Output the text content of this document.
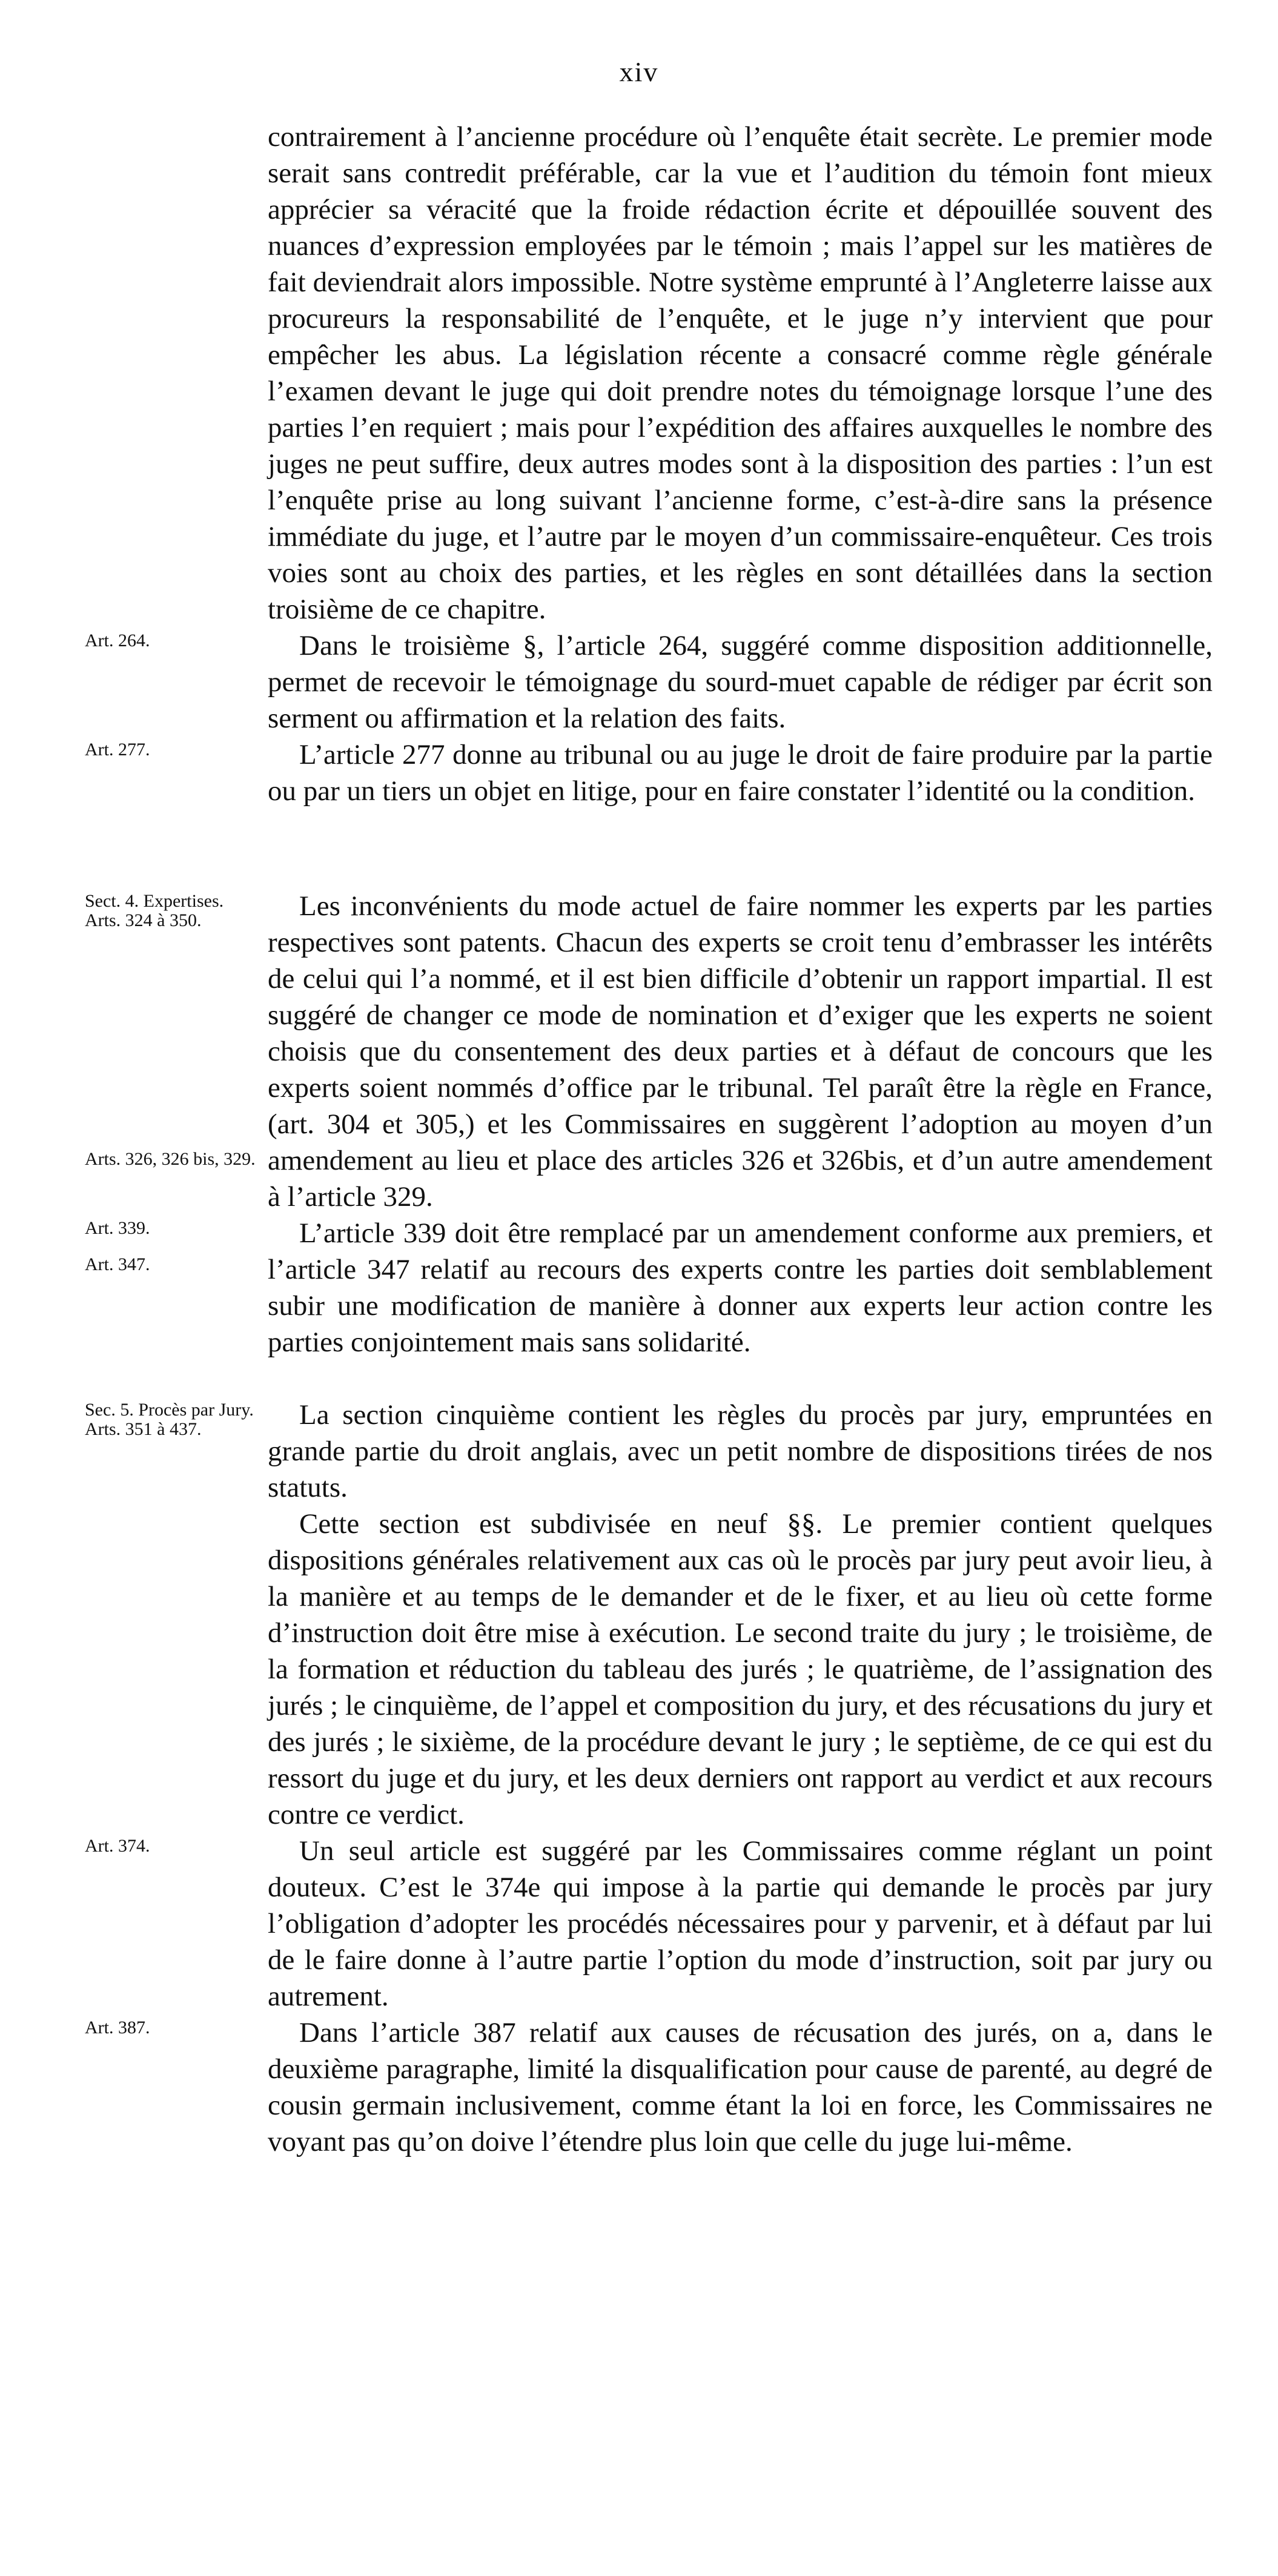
xiv

contrairement à l’ancienne procédure où l’enquête était secrète. Le premier mode serait sans contredit préférable, car la vue et l’audition du témoin font mieux apprécier sa véracité que la froide rédaction écrite et dépouillée souvent des nuances d’expression employées par le témoin ; mais l’appel sur les matières de fait deviendrait alors impossible. Notre système emprunté à l’Angleterre laisse aux procureurs la responsabilité de l’enquête, et le juge n’y intervient que pour empêcher les abus. La législation récente a consacré comme règle générale l’examen devant le juge qui doit prendre notes du témoignage lorsque l’une des parties l’en requiert ; mais pour l’expédition des affaires auxquelles le nombre des juges ne peut suffire, deux autres modes sont à la disposition des parties : l’un est l’enquête prise au long suivant l’ancienne forme, c’est-à-dire sans la présence immédiate du juge, et l’autre par le moyen d’un commissaire-enquêteur. Ces trois voies sont au choix des parties, et les règles en sont détaillées dans la section troisième de ce chapitre.

Art. 264.	Dans le troisième §, l’article 264, suggéré comme disposition additionnelle, permet de recevoir le témoignage du sourd-muet capable de rédiger par écrit son serment ou affirmation et la relation des faits.

Art. 277.	L’article 277 donne au tribunal ou au juge le droit de faire produire par la partie ou par un tiers un objet en litige, pour en faire constater l’identité ou la condition.

Sect. 4. Expertises. Arts. 324 à 350.
Arts. 326, 326 bis, 329.
Les inconvénients du mode actuel de faire nommer les experts par les parties respectives sont patents. Chacun des experts se croit tenu d’embrasser les intérêts de celui qui l’a nommé, et il est bien difficile d’obtenir un rapport impartial. Il est suggéré de changer ce mode de nomination et d’exiger que les experts ne soient choisis que du consentement des deux parties et à défaut de concours que les experts soient nommés d’office par le tribunal. Tel paraît être la règle en France, (art. 304 et 305,) et les Commissaires en suggèrent l’adoption au moyen d’un amendement au lieu et place des articles 326 et 326bis, et d’un autre amendement à l’article 329.

Art. 339.
Art. 347.
L’article 339 doit être remplacé par un amendement conforme aux premiers, et l’article 347 relatif au recours des experts contre les parties doit semblablement subir une modification de manière à donner aux experts leur action contre les parties conjointement mais sans solidarité.

Sec. 5. Procès par Jury. Arts. 351 à 437.	La section cinquième contient les règles du procès par jury, empruntées en grande partie du droit anglais, avec un petit nombre de dispositions tirées de nos statuts.

Cette section est subdivisée en neuf §§. Le premier contient quelques dispositions générales relativement aux cas où le procès par jury peut avoir lieu, à la manière et au temps de le demander et de le fixer, et au lieu où cette forme d’instruction doit être mise à exécution. Le second traite du jury ; le troisième, de la formation et réduction du tableau des jurés ; le quatrième, de l’assignation des jurés ; le cinquième, de l’appel et composition du jury, et des récusations du jury et des jurés ; le sixième, de la procédure devant le jury ; le septième, de ce qui est du ressort du juge et du jury, et les deux derniers ont rapport au verdict et aux recours contre ce verdict.

Art. 374.	Un seul article est suggéré par les Commissaires comme réglant un point douteux. C’est le 374e qui impose à la partie qui demande le procès par jury l’obligation d’adopter les procédés nécessaires pour y parvenir, et à défaut par lui de le faire donne à l’autre partie l’option du mode d’instruction, soit par jury ou autrement.

Art. 387.	Dans l’article 387 relatif aux causes de récusation des jurés, on a, dans le deuxième paragraphe, limité la disqualification pour cause de parenté, au degré de cousin germain inclusivement, comme étant la loi en force, les Commissaires ne voyant pas qu’on doive l’étendre plus loin que celle du juge lui-même.
